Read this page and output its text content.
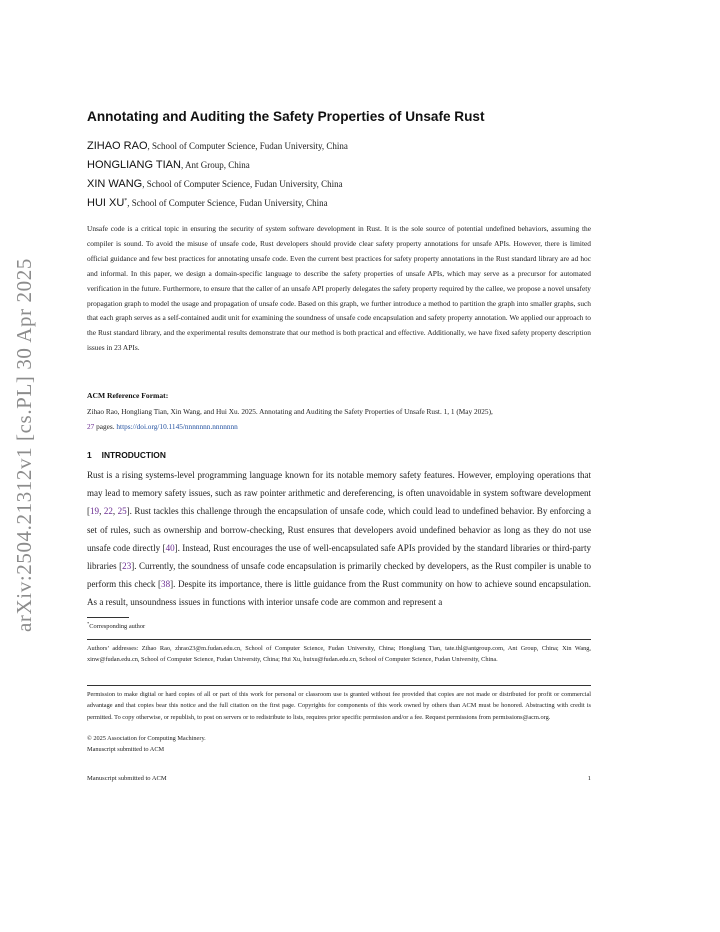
arXiv:2504.21312v1 [cs.PL] 30 Apr 2025
Annotating and Auditing the Safety Properties of Unsafe Rust
ZIHAO RAO, School of Computer Science, Fudan University, China
HONGLIANG TIAN, Ant Group, China
XIN WANG, School of Computer Science, Fudan University, China
HUI XU*, School of Computer Science, Fudan University, China
Unsafe code is a critical topic in ensuring the security of system software development in Rust. It is the sole source of potential undefined behaviors, assuming the compiler is sound. To avoid the misuse of unsafe code, Rust developers should provide clear safety property annotations for unsafe APIs. However, there is limited official guidance and few best practices for annotating unsafe code. Even the current best practices for safety property annotations in the Rust standard library are ad hoc and informal. In this paper, we design a domain-specific language to describe the safety properties of unsafe APIs, which may serve as a precursor for automated verification in the future. Furthermore, to ensure that the caller of an unsafe API properly delegates the safety property required by the callee, we propose a novel unsafety propagation graph to model the usage and propagation of unsafe code. Based on this graph, we further introduce a method to partition the graph into smaller graphs, such that each graph serves as a self-contained audit unit for examining the soundness of unsafe code encapsulation and safety property annotation. We applied our approach to the Rust standard library, and the experimental results demonstrate that our method is both practical and effective. Additionally, we have fixed safety property description issues in 23 APIs.
ACM Reference Format:
Zihao Rao, Hongliang Tian, Xin Wang, and Hui Xu. 2025. Annotating and Auditing the Safety Properties of Unsafe Rust. 1, 1 (May 2025),
27 pages. https://doi.org/10.1145/nnnnnnn.nnnnnnn
1 INTRODUCTION
Rust is a rising systems-level programming language known for its notable memory safety features. However, employing operations that may lead to memory safety issues, such as raw pointer arithmetic and dereferencing, is often unavoidable in system software development [19, 22, 25]. Rust tackles this challenge through the encapsulation of unsafe code, which could lead to undefined behavior. By enforcing a set of rules, such as ownership and borrow-checking, Rust ensures that developers avoid undefined behavior as long as they do not use unsafe code directly [40]. Instead, Rust encourages the use of well-encapsulated safe APIs provided by the standard libraries or third-party libraries [23]. Currently, the soundness of unsafe code encapsulation is primarily checked by developers, as the Rust compiler is unable to perform this check [38]. Despite its importance, there is little guidance from the Rust community on how to achieve sound encapsulation. As a result, unsoundness issues in functions with interior unsafe code are common and represent a
*Corresponding author
Authors’ addresses: Zihao Rao, zhrao23@m.fudan.edu.cn, School of Computer Science, Fudan University, China; Hongliang Tian, tate.thl@antgroup.com, Ant Group, China; Xin Wang, xinw@fudan.edu.cn, School of Computer Science, Fudan University, China; Hui Xu, huixu@fudan.edu.cn, School of Computer Science, Fudan University, China.
Permission to make digital or hard copies of all or part of this work for personal or classroom use is granted without fee provided that copies are not made or distributed for profit or commercial advantage and that copies bear this notice and the full citation on the first page. Copyrights for components of this work owned by others than ACM must be honored. Abstracting with credit is permitted. To copy otherwise, or republish, to post on servers or to redistribute to lists, requires prior specific permission and/or a fee. Request permissions from permissions@acm.org.
© 2025 Association for Computing Machinery.
Manuscript submitted to ACM
Manuscript submitted to ACM	1
